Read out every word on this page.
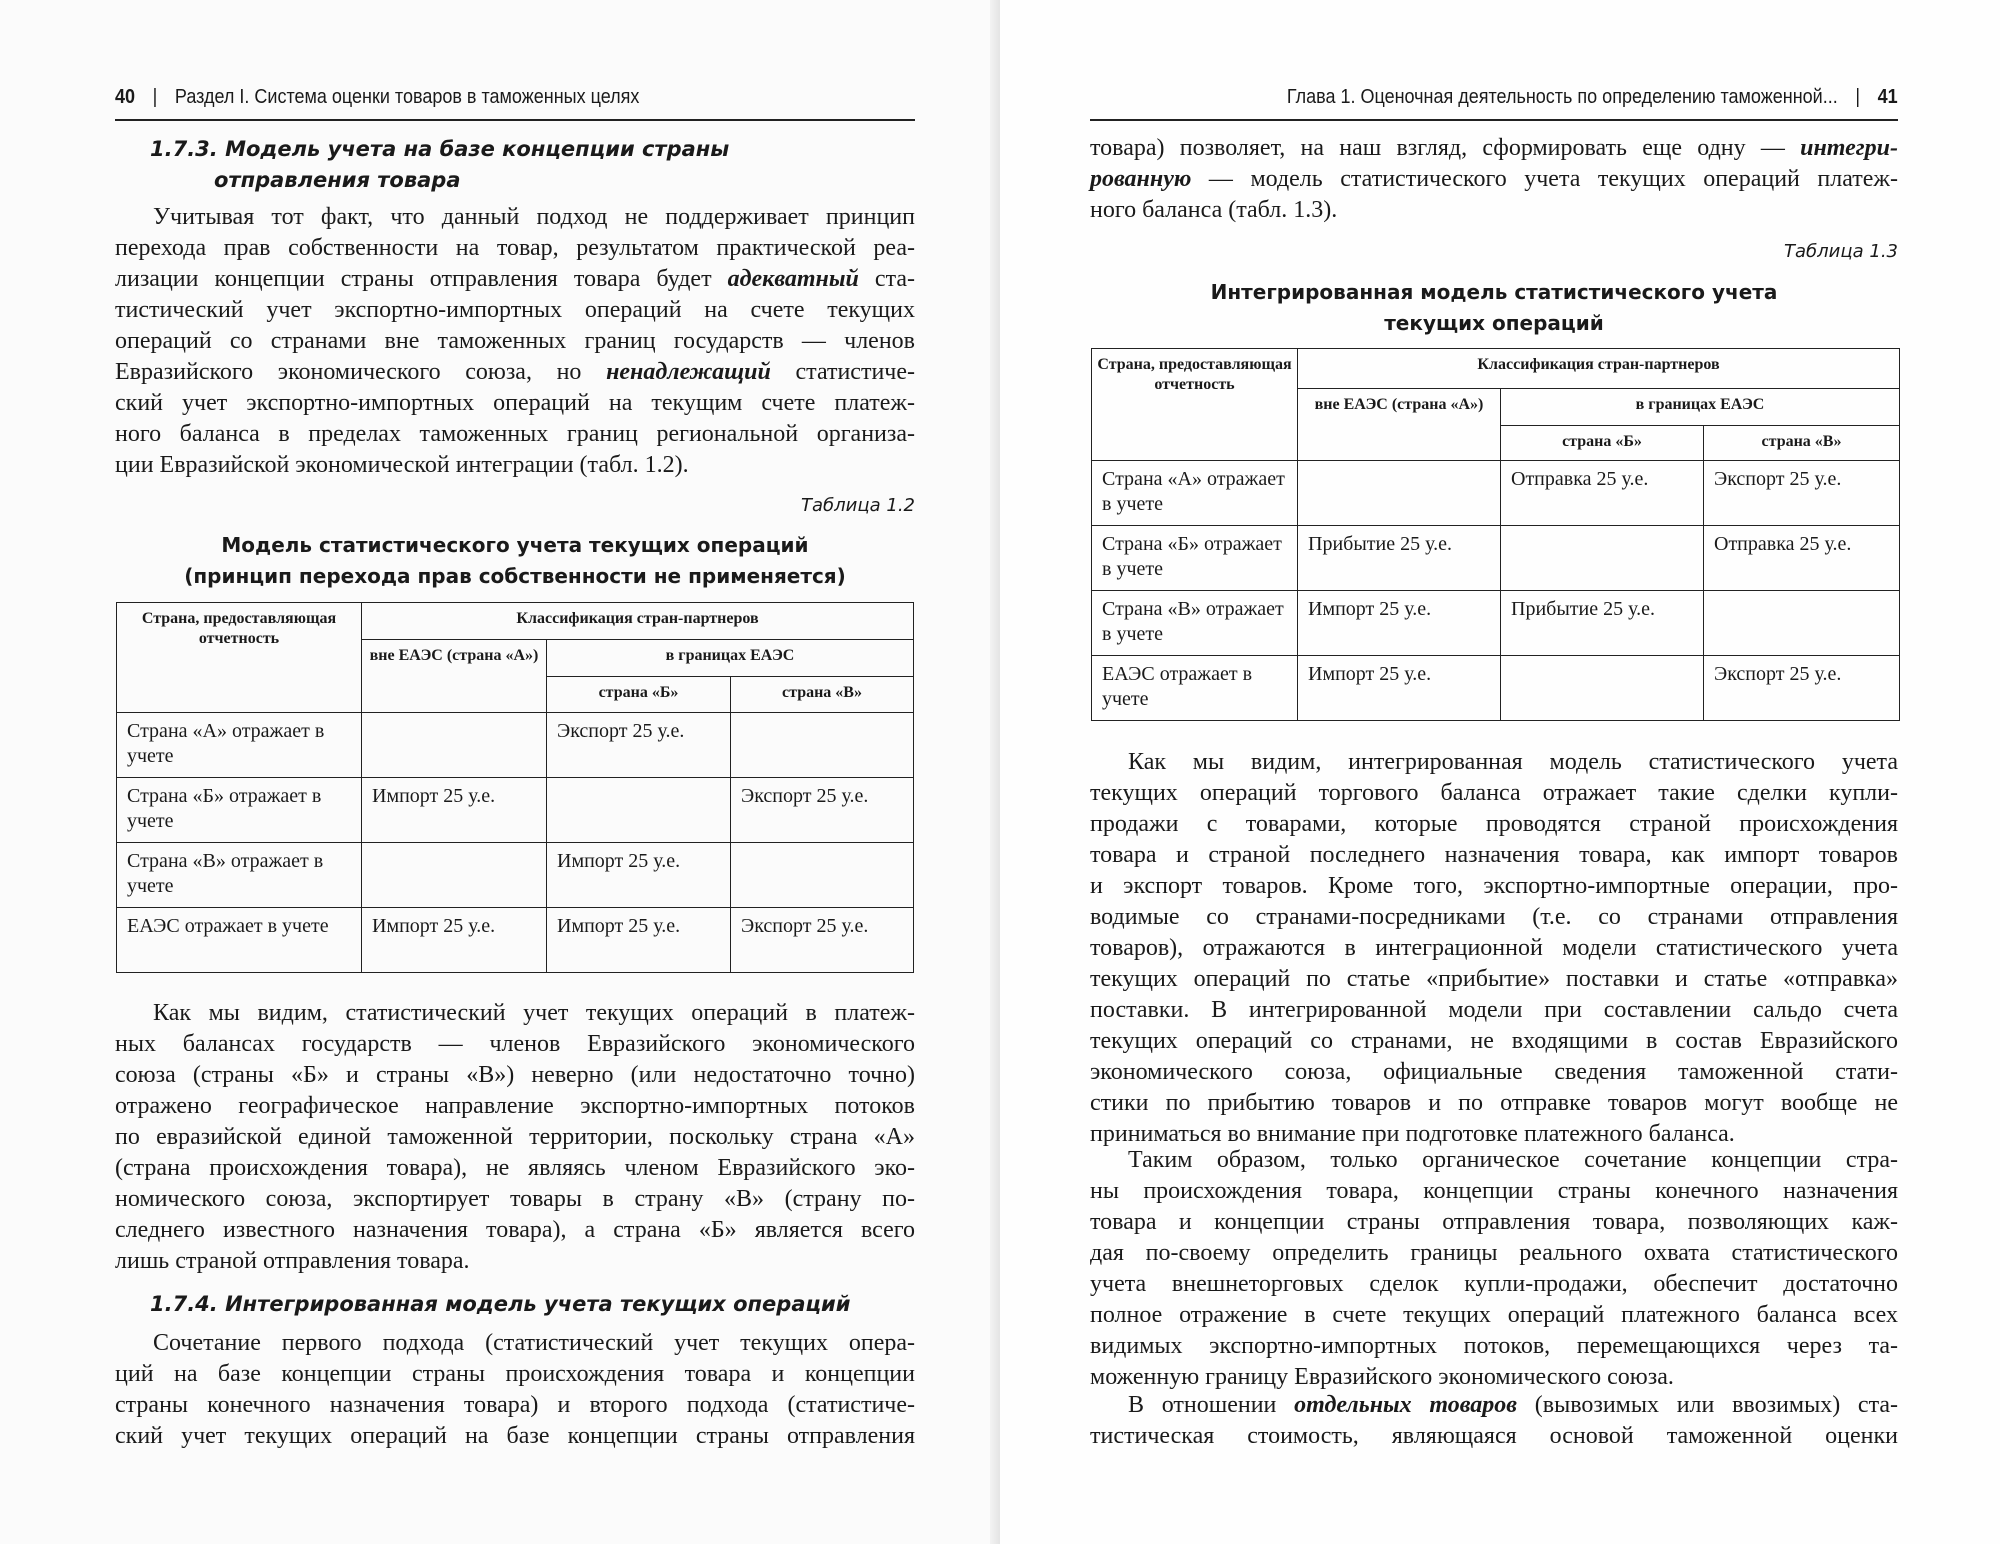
40 | Раздел I. Система оценки товаров в таможенных целях
1.7.3. Модель учета на базе концепции страны
отправления товара
Учитывая тот факт, что данный подход не поддерживает принцип
перехода прав собственности на товар, результатом практической реа-
лизации концепции страны отправления товара будет адекватный ста-
тистический учет экспортно-импортных операций на счете текущих
операций со странами вне таможенных границ государств — членов
Евразийского экономического союза, но ненадлежащий статистиче-
ский учет экспортно-импортных операций на текущим счете платеж-
ного баланса в пределах таможенных границ региональной организа-
ции Евразийской экономической интеграции (табл. 1.2).
Таблица 1.2
Модель статистического учета текущих операций
(принцип перехода прав собственности не применяется)
Страна, предоставляющая отчетность	Классификация стран-партнеров		
	вне ЕАЭС (страна «А»)	в границах ЕАЭС	
		страна «Б»	страна «В»
Страна «А» отражает в учете		Экспорт 25 у.е.	
Страна «Б» отражает в учете	Импорт 25 у.е.		Экспорт 25 у.е.
Страна «В» отражает в учете		Импорт 25 у.е.	
ЕАЭС отражает в учете	Импорт 25 у.е.	Импорт 25 у.е.	Экспорт 25 у.е.
Как мы видим, статистический учет текущих операций в платеж-
ных балансах государств — членов Евразийского экономического
союза (страны «Б» и страны «В») неверно (или недостаточно точно)
отражено географическое направление экспортно-импортных потоков
по евразийской единой таможенной территории, поскольку страна «А»
(страна происхождения товара), не являясь членом Евразийского эко-
номического союза, экспортирует товары в страну «В» (страну по-
следнего известного назначения товара), а страна «Б» является всего
лишь страной отправления товара.
1.7.4. Интегрированная модель учета текущих операций
Сочетание первого подхода (статистический учет текущих опера-
ций на базе концепции страны происхождения товара и концепции
страны конечного назначения товара) и второго подхода (статистиче-
ский учет текущих операций на базе концепции страны отправления
Глава 1. Оценочная деятельность по определению таможенной... | 41
товара) позволяет, на наш взгляд, сформировать еще одну — интегри-
рованную — модель статистического учета текущих операций платеж-
ного баланса (табл. 1.3).
Таблица 1.3
Интегрированная модель статистического учета
текущих операций
Страна, предоставляющая отчетность	Классификация стран-партнеров		
	вне ЕАЭС (страна «А»)	в границах ЕАЭС	
		страна «Б»	страна «В»
Страна «А» отражает в учете		Отправка 25 у.е.	Экспорт 25 у.е.
Страна «Б» отражает в учете	Прибытие 25 у.е.		Отправка 25 у.е.
Страна «В» отражает в учете	Импорт 25 у.е.	Прибытие 25 у.е.	
ЕАЭС отражает в учете	Импорт 25 у.е.		Экспорт 25 у.е.
Как мы видим, интегрированная модель статистического учета
текущих операций торгового баланса отражает такие сделки купли-
продажи с товарами, которые проводятся страной происхождения
товара и страной последнего назначения товара, как импорт товаров
и экспорт товаров. Кроме того, экспортно-импортные операции, про-
водимые со странами-посредниками (т.е. со странами отправления
товаров), отражаются в интеграционной модели статистического учета
текущих операций по статье «прибытие» поставки и статье «отправка»
поставки. В интегрированной модели при составлении сальдо счета
текущих операций со странами, не входящими в состав Евразийского
экономического союза, официальные сведения таможенной стати-
стики по прибытию товаров и по отправке товаров могут вообще не
приниматься во внимание при подготовке платежного баланса.
Таким образом, только органическое сочетание концепции стра-
ны происхождения товара, концепции страны конечного назначения
товара и концепции страны отправления товара, позволяющих каж-
дая по-своему определить границы реального охвата статистического
учета внешнеторговых сделок купли-продажи, обеспечит достаточно
полное отражение в счете текущих операций платежного баланса всех
видимых экспортно-импортных потоков, перемещающихся через та-
моженную границу Евразийского экономического союза.
В отношении отдельных товаров (вывозимых или ввозимых) ста-
тистическая стоимость, являющаяся основой таможенной оценки
